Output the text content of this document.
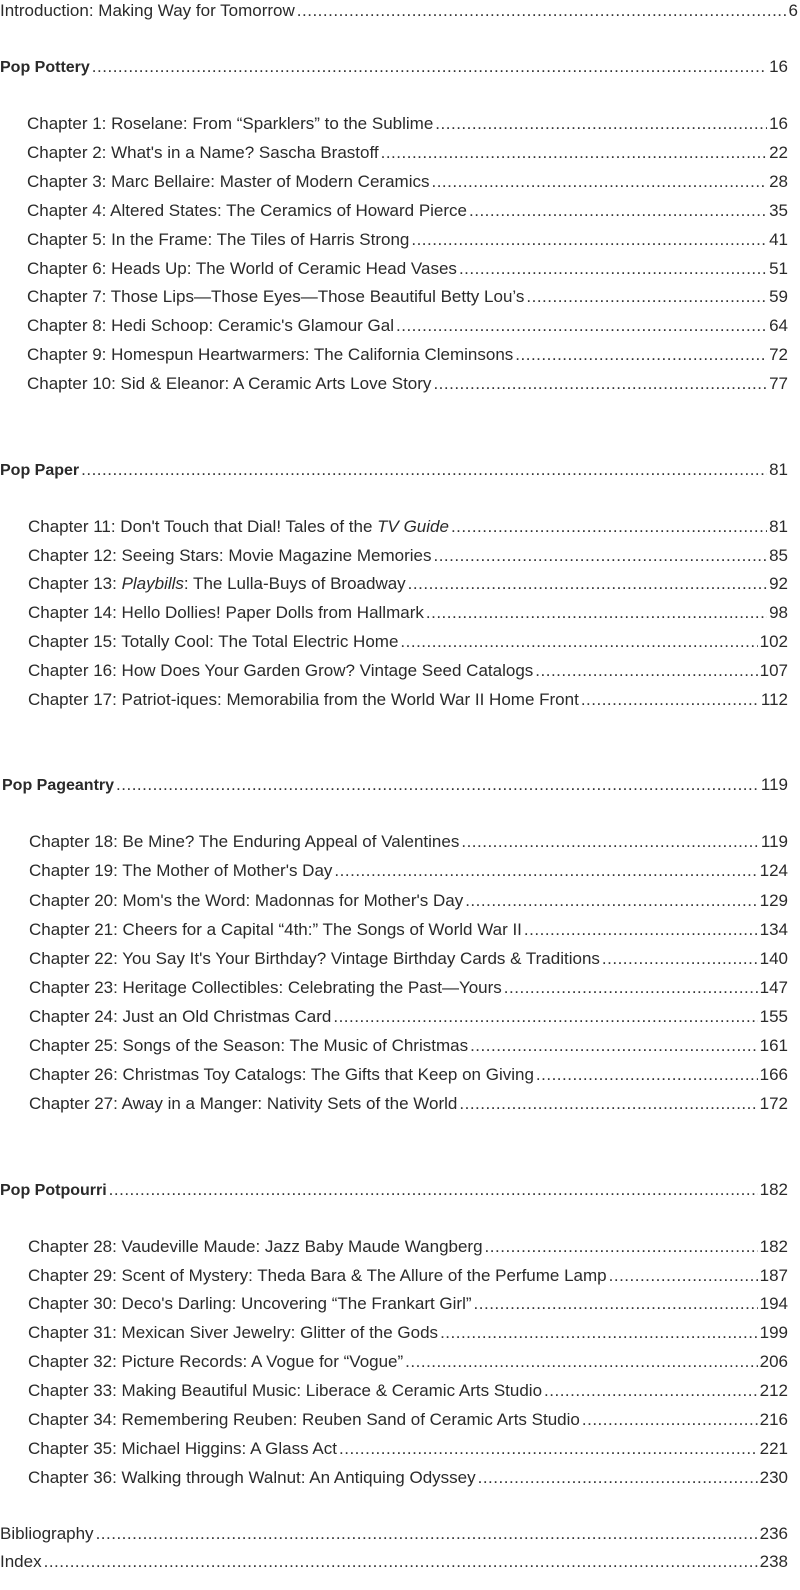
Introduction: Making Way for Tomorrow .....	6
Pop Pottery .....	16
Chapter 1: Roselane: From “Sparklers” to the Sublime .....	16
Chapter 2: What's in a Name? Sascha Brastoff .....	22
Chapter 3: Marc Bellaire: Master of Modern Ceramics .....	28
Chapter 4: Altered States: The Ceramics of Howard Pierce .....	35
Chapter 5: In the Frame: The Tiles of Harris Strong .....	41
Chapter 6: Heads Up: The World of Ceramic Head Vases .....	51
Chapter 7: Those Lips—Those Eyes—Those Beautiful Betty Lou’s .....	59
Chapter 8: Hedi Schoop: Ceramic's Glamour Gal .....	64
Chapter 9: Homespun Heartwarmers: The California Cleminsons .....	72
Chapter 10: Sid & Eleanor: A Ceramic Arts Love Story .....	77
Pop Paper .....	81
Chapter 11: Don't Touch that Dial! Tales of the TV Guide .....	81
Chapter 12: Seeing Stars: Movie Magazine Memories .....	85
Chapter 13: Playbills: The Lulla-Buys of Broadway .....	92
Chapter 14: Hello Dollies! Paper Dolls from Hallmark .....	98
Chapter 15: Totally Cool: The Total Electric Home .....	102
Chapter 16: How Does Your Garden Grow? Vintage Seed Catalogs .....	107
Chapter 17: Patriot-iques: Memorabilia from the World War II Home Front .....	112
Pop Pageantry .....	119
Chapter 18: Be Mine? The Enduring Appeal of Valentines .....	119
Chapter 19: The Mother of Mother's Day .....	124
Chapter 20: Mom's the Word: Madonnas for Mother's Day .....	129
Chapter 21: Cheers for a Capital “4th:” The Songs of World War II .....	134
Chapter 22: You Say It's Your Birthday? Vintage Birthday Cards & Traditions .....	140
Chapter 23: Heritage Collectibles: Celebrating the Past—Yours .....	147
Chapter 24: Just an Old Christmas Card .....	155
Chapter 25: Songs of the Season: The Music of Christmas .....	161
Chapter 26: Christmas Toy Catalogs: The Gifts that Keep on Giving .....	166
Chapter 27: Away in a Manger: Nativity Sets of the World .....	172
Pop Potpourri .....	182
Chapter 28: Vaudeville Maude: Jazz Baby Maude Wangberg .....	182
Chapter 29: Scent of Mystery: Theda Bara & The Allure of the Perfume Lamp .....	187
Chapter 30: Deco's Darling: Uncovering “The Frankart Girl” .....	194
Chapter 31: Mexican Siver Jewelry: Glitter of the Gods .....	199
Chapter 32: Picture Records: A Vogue for “Vogue” .....	206
Chapter 33: Making Beautiful Music: Liberace & Ceramic Arts Studio .....	212
Chapter 34: Remembering Reuben: Reuben Sand of Ceramic Arts Studio .....	216
Chapter 35: Michael Higgins: A Glass Act .....	221
Chapter 36: Walking through Walnut: An Antiquing Odyssey .....	230
Bibliography .....	236
Index .....	238
